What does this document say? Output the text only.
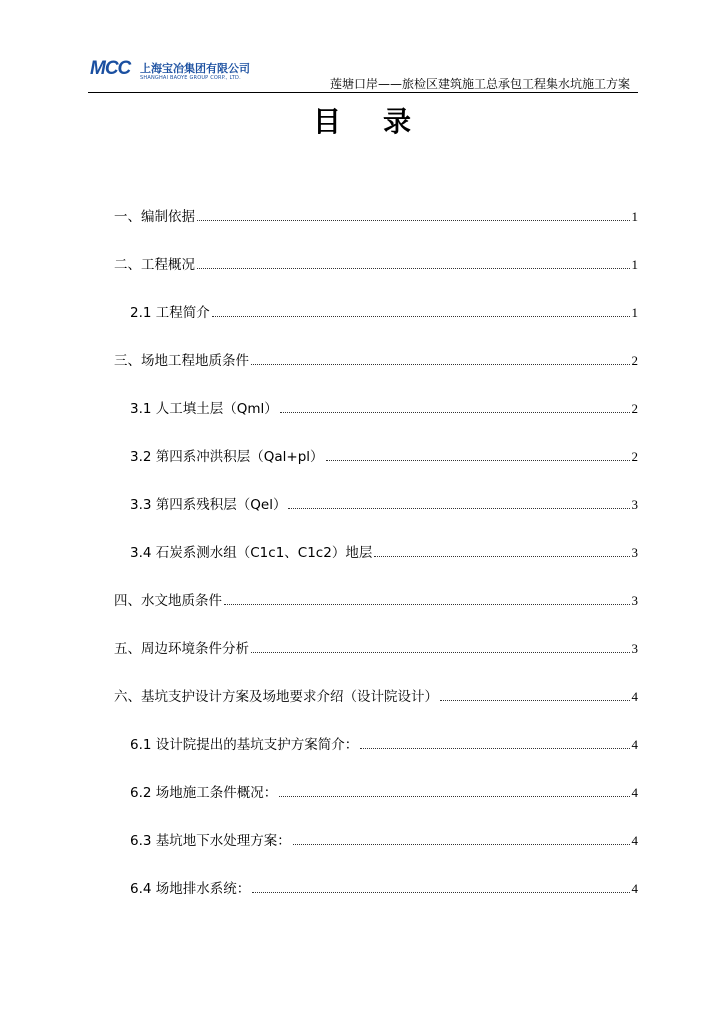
MCC 上海宝冶集团有限公司
SHANGHAI BAOYE GROUP CORP., LTD.	莲塘口岸——旅检区建筑施工总承包工程集水坑施工方案
目录
一、编制依据	1
二、工程概况	1
2.1 工程简介	1
三、场地工程地质条件	2
3.1 人工填土层（Qml）	2
3.2 第四系冲洪积层（Qal+pl）	2
3.3 第四系残积层（Qel）	3
3.4 石炭系测水组（C1c1、C1c2）地层	3
四、水文地质条件	3
五、周边环境条件分析	3
六、基坑支护设计方案及场地要求介绍（设计院设计）	4
6.1 设计院提出的基坑支护方案简介：	4
6.2 场地施工条件概况：	4
6.3 基坑地下水处理方案：	4
6.4 场地排水系统：	4
